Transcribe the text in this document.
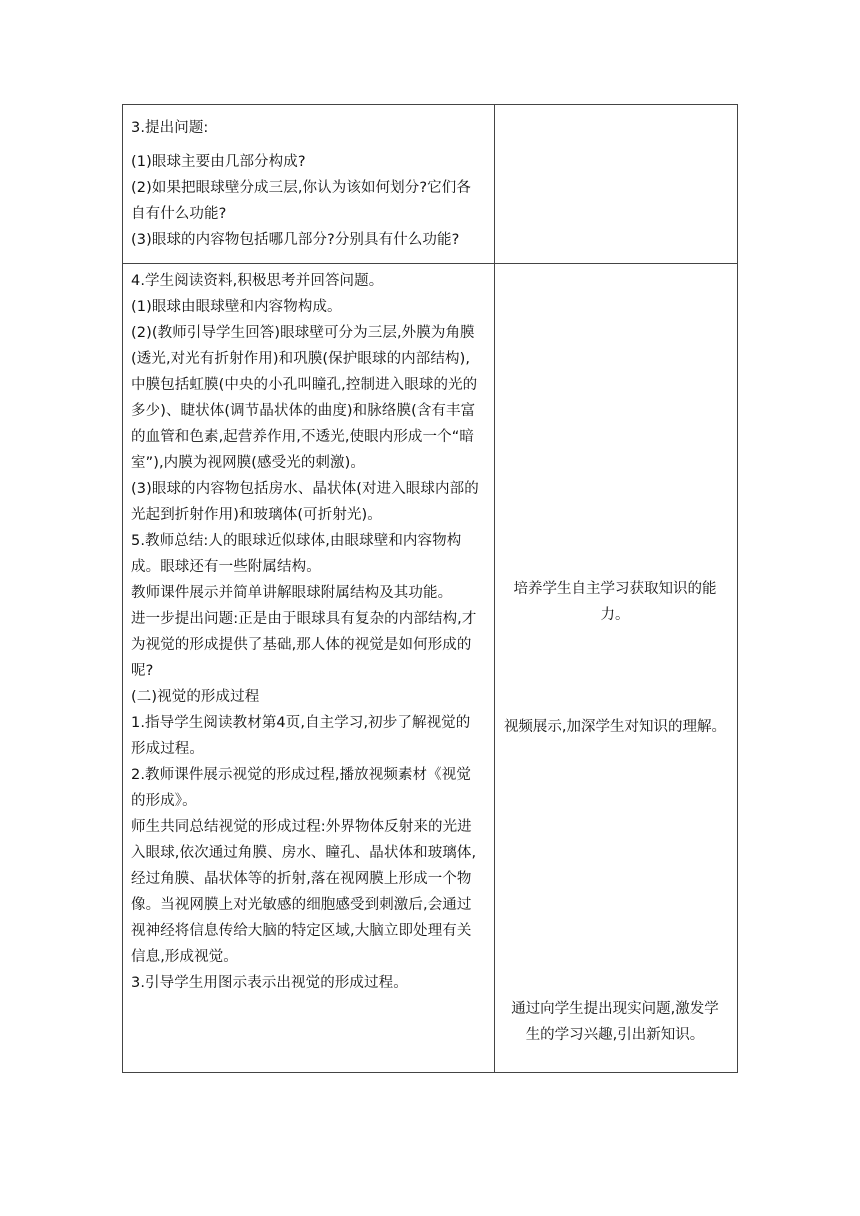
3.提出问题:
(1)眼球主要由几部分构成?
(2)如果把眼球壁分成三层,你认为该如何划分?它们各
自有什么功能?
(3)眼球的内容物包括哪几部分?分别具有什么功能?
4.学生阅读资料,积极思考并回答问题。
(1)眼球由眼球壁和内容物构成。
(2)(教师引导学生回答)眼球壁可分为三层,外膜为角膜
(透光,对光有折射作用)和巩膜(保护眼球的内部结构),
中膜包括虹膜(中央的小孔叫瞳孔,控制进入眼球的光的
多少)、睫状体(调节晶状体的曲度)和脉络膜(含有丰富
的血管和色素,起营养作用,不透光,使眼内形成一个“暗
室”),内膜为视网膜(感受光的刺激)。
(3)眼球的内容物包括房水、晶状体(对进入眼球内部的
光起到折射作用)和玻璃体(可折射光)。
5.教师总结:人的眼球近似球体,由眼球壁和内容物构
成。眼球还有一些附属结构。
教师课件展示并简单讲解眼球附属结构及其功能。
进一步提出问题:正是由于眼球具有复杂的内部结构,才
为视觉的形成提供了基础,那人体的视觉是如何形成的
呢?
(二)视觉的形成过程
1.指导学生阅读教材第4页,自主学习,初步了解视觉的
形成过程。
2.教师课件展示视觉的形成过程,播放视频素材《视觉
的形成》。
师生共同总结视觉的形成过程:外界物体反射来的光进
入眼球,依次通过角膜、房水、瞳孔、晶状体和玻璃体,
经过角膜、晶状体等的折射,落在视网膜上形成一个物
像。当视网膜上对光敏感的细胞感受到刺激后,会通过
视神经将信息传给大脑的特定区域,大脑立即处理有关
信息,形成视觉。
3.引导学生用图示表示出视觉的形成过程。
培养学生自主学习获取知识的能
力。
视频展示,加深学生对知识的理解。
通过向学生提出现实问题,激发学
生的学习兴趣,引出新知识。
